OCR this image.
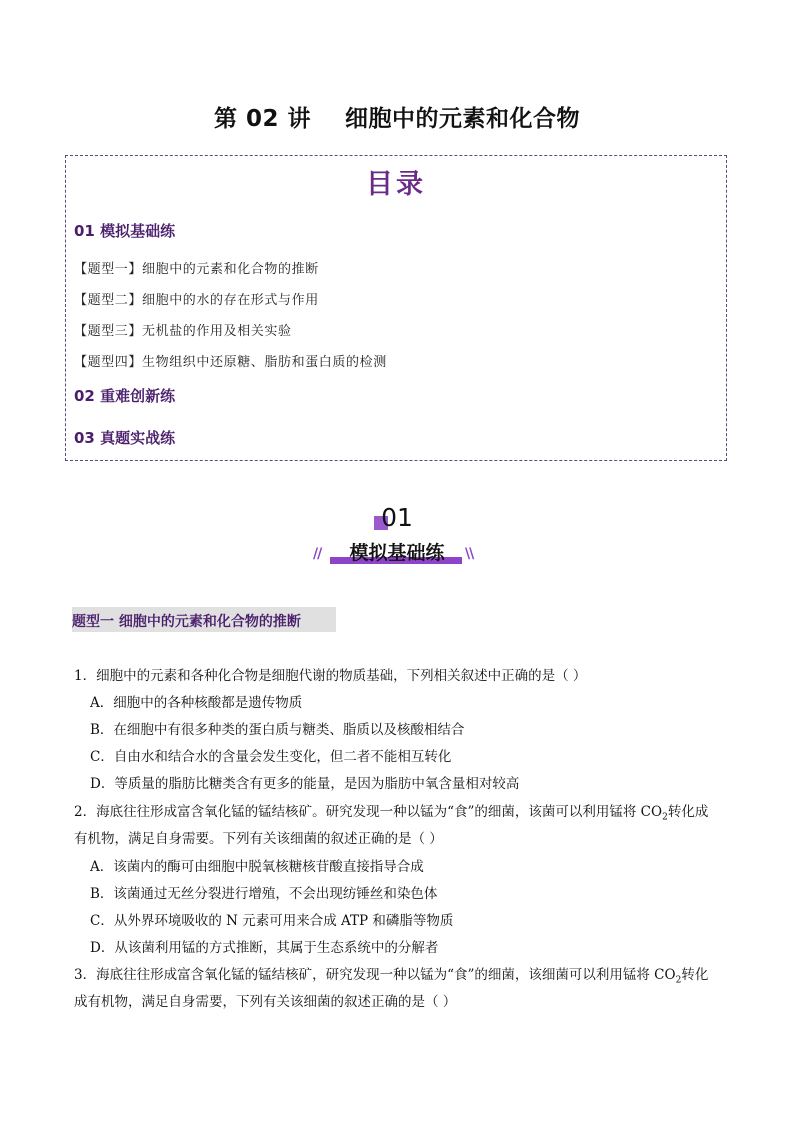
第 02 讲 细胞中的元素和化合物
目录
01 模拟基础练
【题型一】细胞中的元素和化合物的推断
【题型二】细胞中的水的存在形式与作用
【题型三】无机盐的作用及相关实验
【题型四】生物组织中还原糖、脂肪和蛋白质的检测
02 重难创新练
03 真题实战练
01
//	模拟基础练	\\
题型一 细胞中的元素和化合物的推断
1．细胞中的元素和各种化合物是细胞代谢的物质基础，下列相关叙述中正确的是（ ）
A．细胞中的各种核酸都是遗传物质
B．在细胞中有很多种类的蛋白质与糖类、脂质以及核酸相结合
C．自由水和结合水的含量会发生变化，但二者不能相互转化
D．等质量的脂肪比糖类含有更多的能量，是因为脂肪中氧含量相对较高
2．海底往往形成富含氧化锰的锰结核矿。研究发现一种以锰为“食”的细菌，该菌可以利用锰将 $CO_2$转化成
有机物，满足自身需要。下列有关该细菌的叙述正确的是（ ）
A．该菌内的酶可由细胞中脱氧核糖核苷酸直接指导合成
B．该菌通过无丝分裂进行增殖，不会出现纺锤丝和染色体
C．从外界环境吸收的 N 元素可用来合成 ATP 和磷脂等物质
D．从该菌利用锰的方式推断，其属于生态系统中的分解者
3．海底往往形成富含氧化锰的锰结核矿，研究发现一种以锰为“食”的细菌，该细菌可以利用锰将 $CO_2$转化
成有机物，满足自身需要，下列有关该细菌的叙述正确的是（ ）
